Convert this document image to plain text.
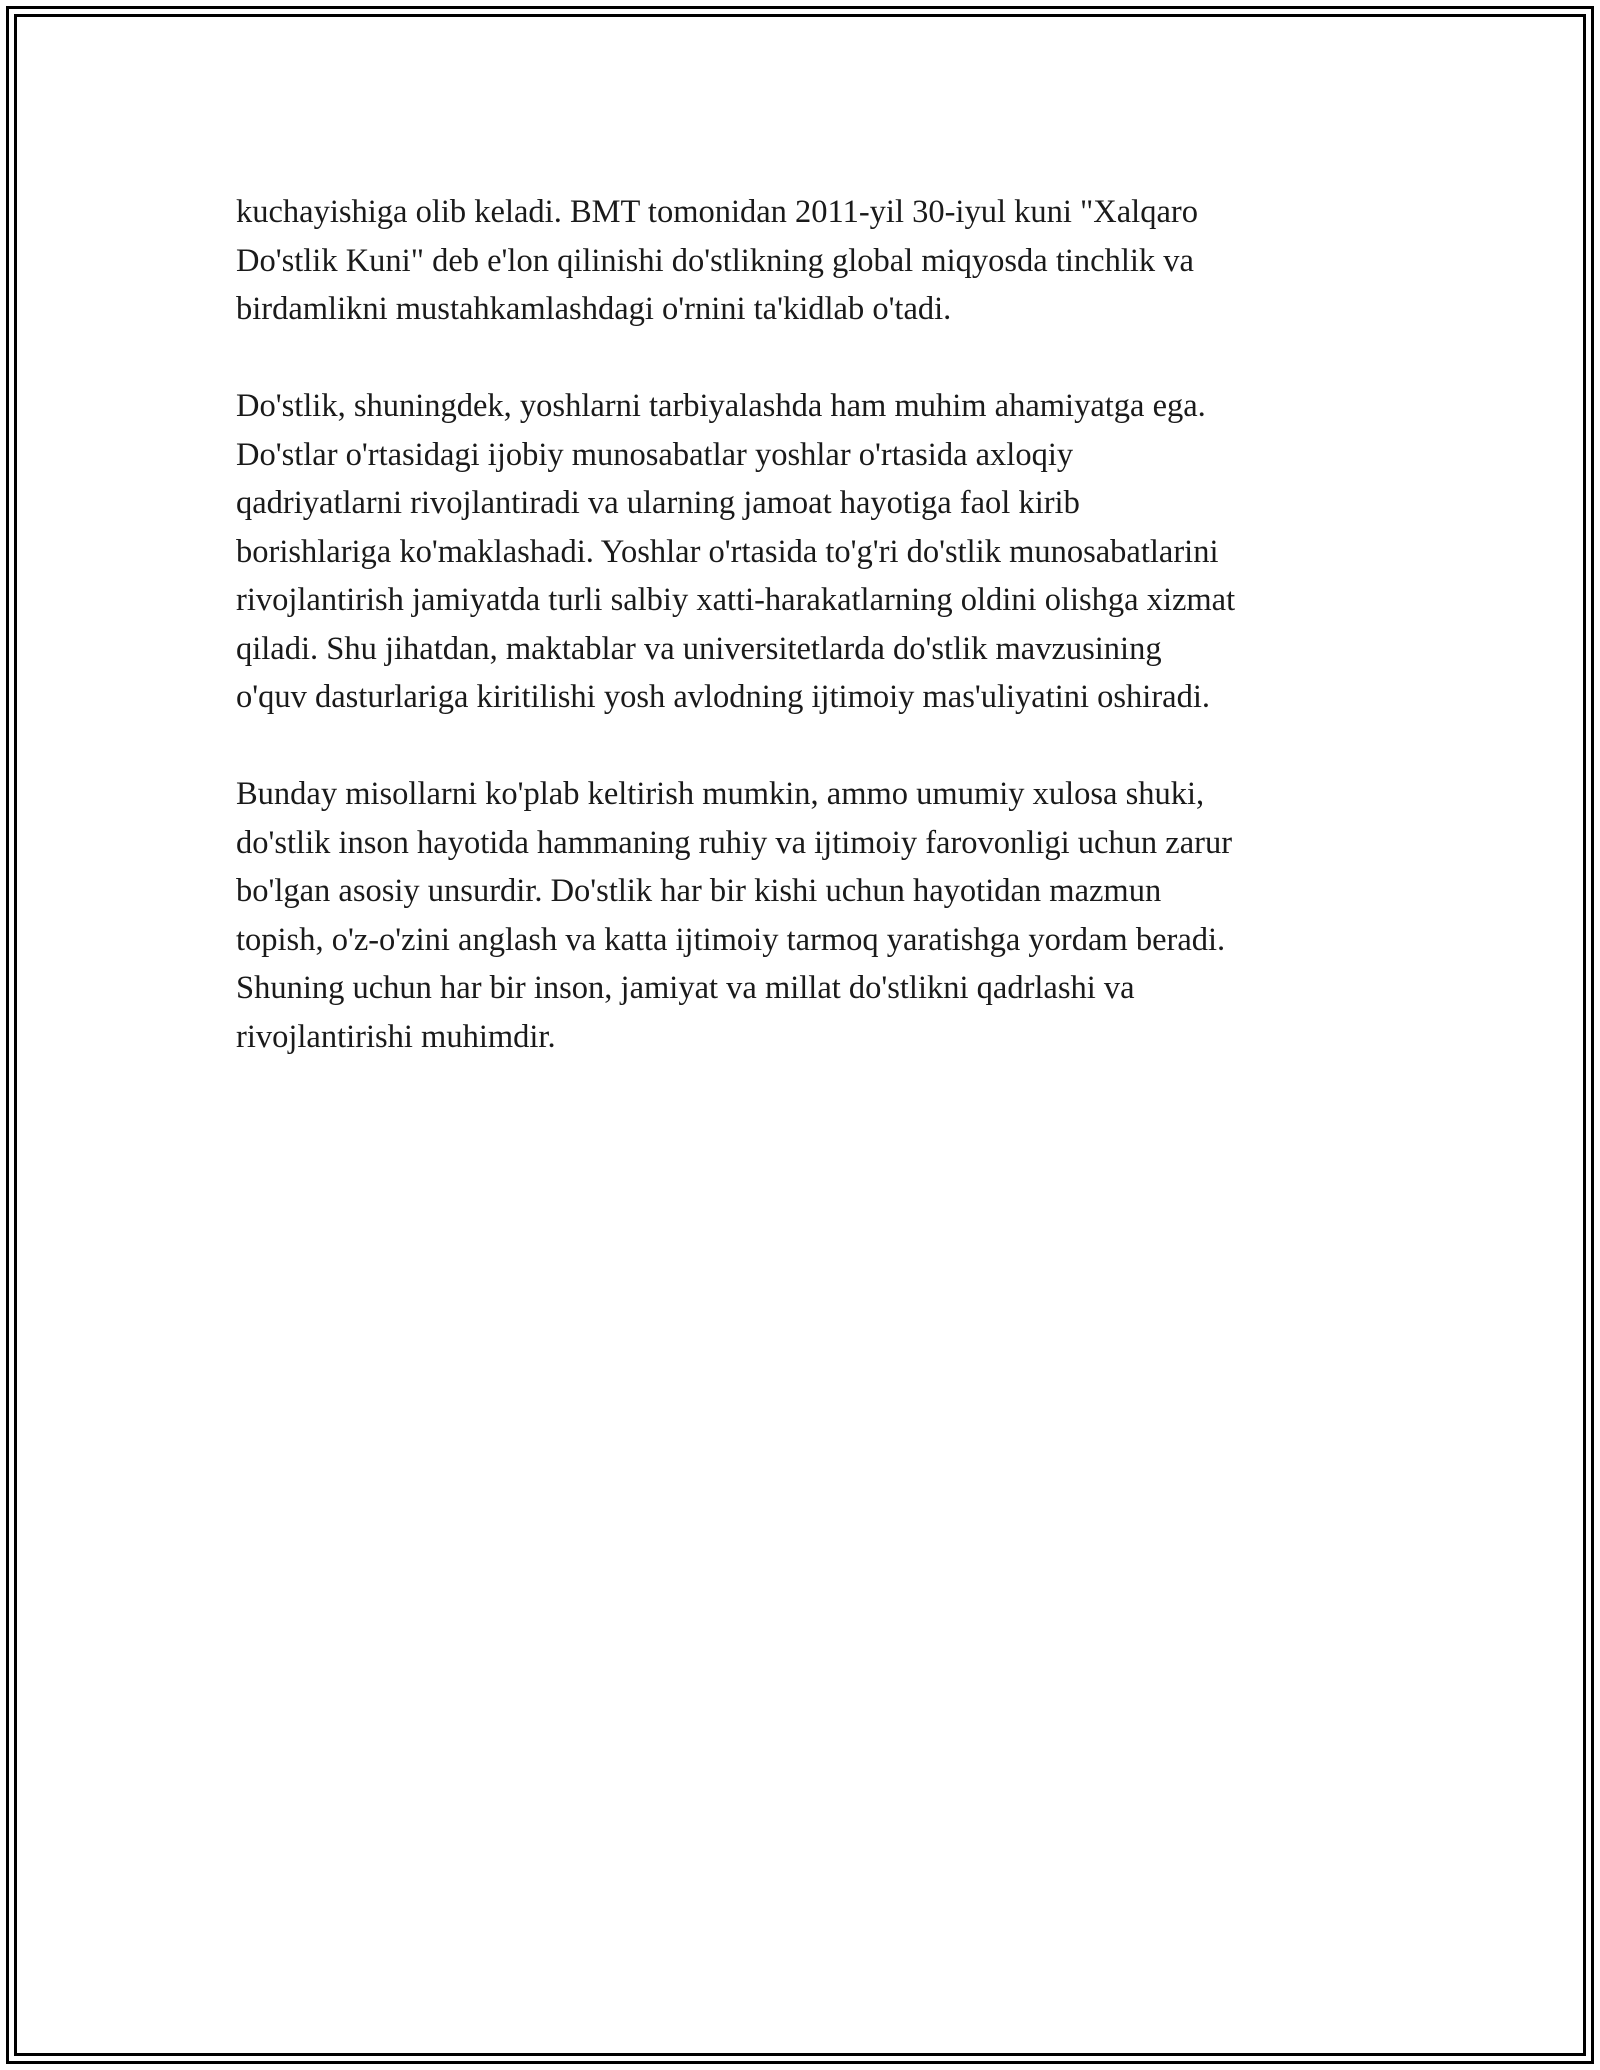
kuchayishiga olib keladi. BMT tomonidan 2011-yil 30-iyul kuni "Xalqaro
Do'stlik Kuni" deb e'lon qilinishi do'stlikning global miqyosda tinchlik va
birdamlikni mustahkamlashdagi o'rnini ta'kidlab o'tadi.

Do'stlik, shuningdek, yoshlarni tarbiyalashda ham muhim ahamiyatga ega.
Do'stlar o'rtasidagi ijobiy munosabatlar yoshlar o'rtasida axloqiy
qadriyatlarni rivojlantiradi va ularning jamoat hayotiga faol kirib
borishlariga ko'maklashadi. Yoshlar o'rtasida to'g'ri do'stlik munosabatlarini
rivojlantirish jamiyatda turli salbiy xatti-harakatlarning oldini olishga xizmat
qiladi. Shu jihatdan, maktablar va universitetlarda do'stlik mavzusining
o'quv dasturlariga kiritilishi yosh avlodning ijtimoiy mas'uliyatini oshiradi.

Bunday misollarni ko'plab keltirish mumkin, ammo umumiy xulosa shuki,
do'stlik inson hayotida hammaning ruhiy va ijtimoiy farovonligi uchun zarur
bo'lgan asosiy unsurdir. Do'stlik har bir kishi uchun hayotidan mazmun
topish, o'z-o'zini anglash va katta ijtimoiy tarmoq yaratishga yordam beradi.
Shuning uchun har bir inson, jamiyat va millat do'stlikni qadrlashi va
rivojlantirishi muhimdir.
